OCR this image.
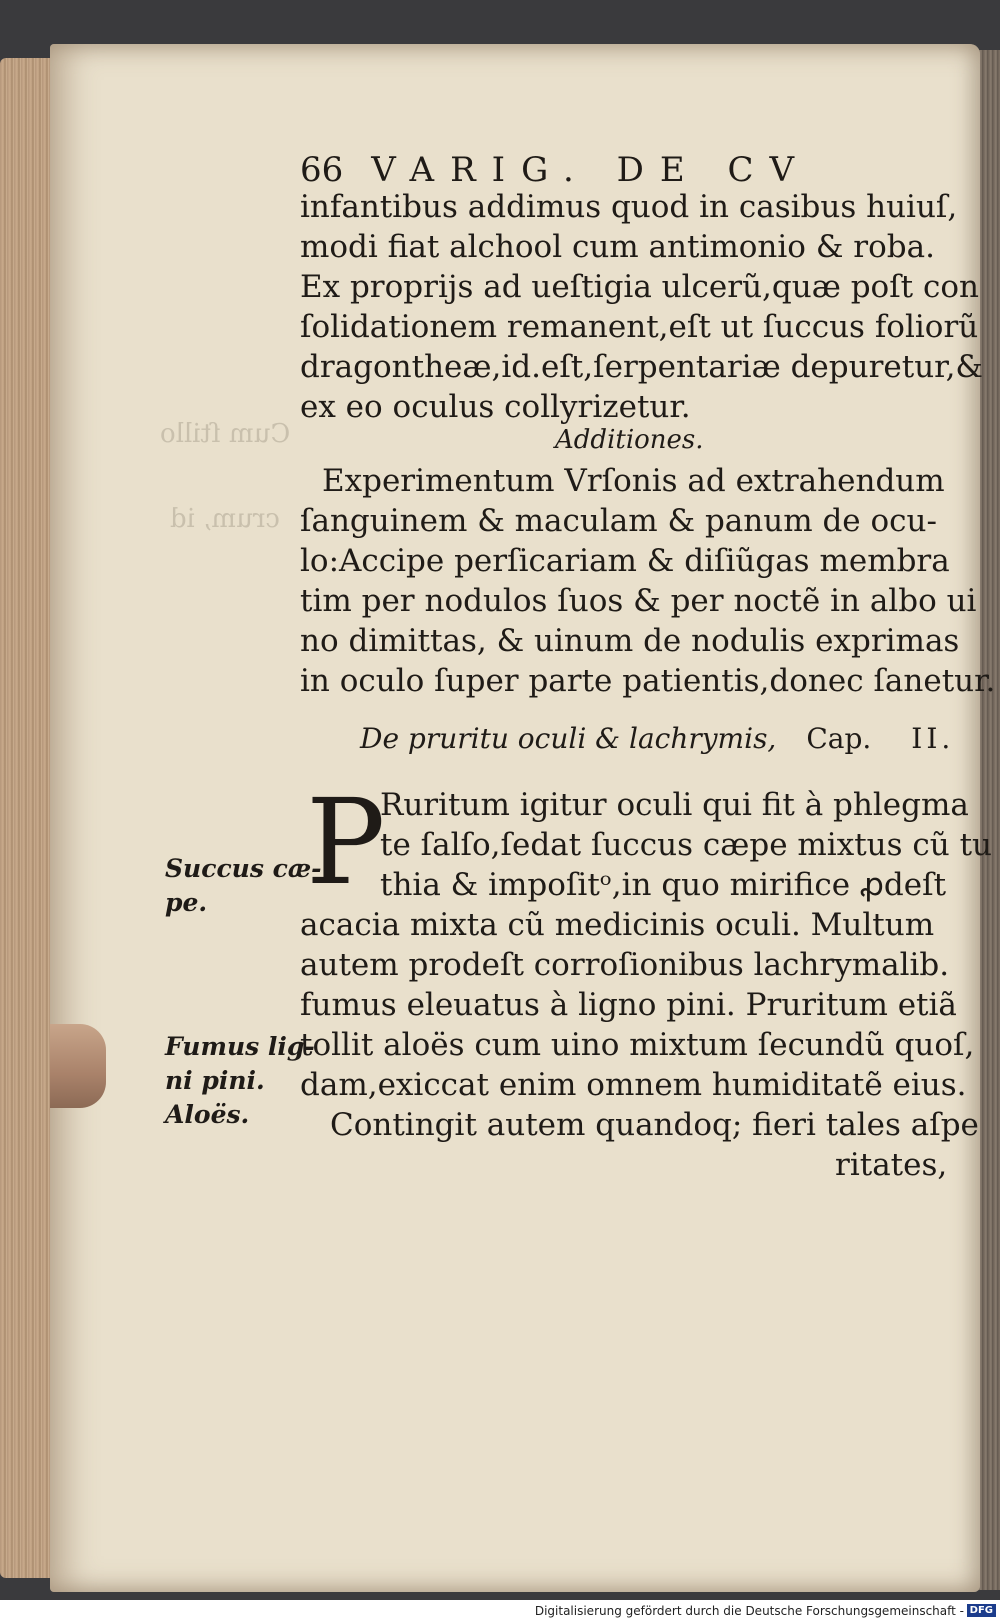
Cum ſtillo
crum, id
66 VARIG. DE CV
infantibus addimus quod in casibus huiuſ,
modi fiat alchool cum antimonio & roba.
Ex proprijs ad ueſtigia ulcerũ,quæ poſt con
ſolidationem remanent,eſt ut ſuccus foliorũ
dragontheæ,id.eſt,ſerpentariæ depuretur,&
ex eo oculus collyrizetur.
Additiones.
Experimentum Vrſonis ad extrahendum
ſanguinem & maculam & panum de ocu-
lo:Accipe perſicariam & diſiũgas membra
tim per nodulos ſuos & per noctẽ in albo ui
no dimittas, & uinum de nodulis exprimas
in oculo ſuper parte patientis,donec ſanetur.
De pruritu oculi & lachrymis, Cap. II.
P
Ruritum igitur oculi qui fit à phlegma
te ſalſo,ſedat ſuccus cæpe mixtus cũ tu
thia & impoſitᵒ,in quo mirifice ꝓdeſt
acacia mixta cũ medicinis oculi. Multum
autem prodeſt corroſionibus lachrymalib.
fumus eleuatus à ligno pini. Pruritum etiã
tollit aloës cum uino mixtum ſecundũ quoſ,
dam,exiccat enim omnem humiditatẽ eius.
Contingit autem quandoq; fieri tales aſpe
ritates,
Succus cæ-
pe.
Fumus lig-
ni pini.
Aloës.
Digitalisierung gefördert durch die Deutsche Forschungsgemeinschaft - DFG
